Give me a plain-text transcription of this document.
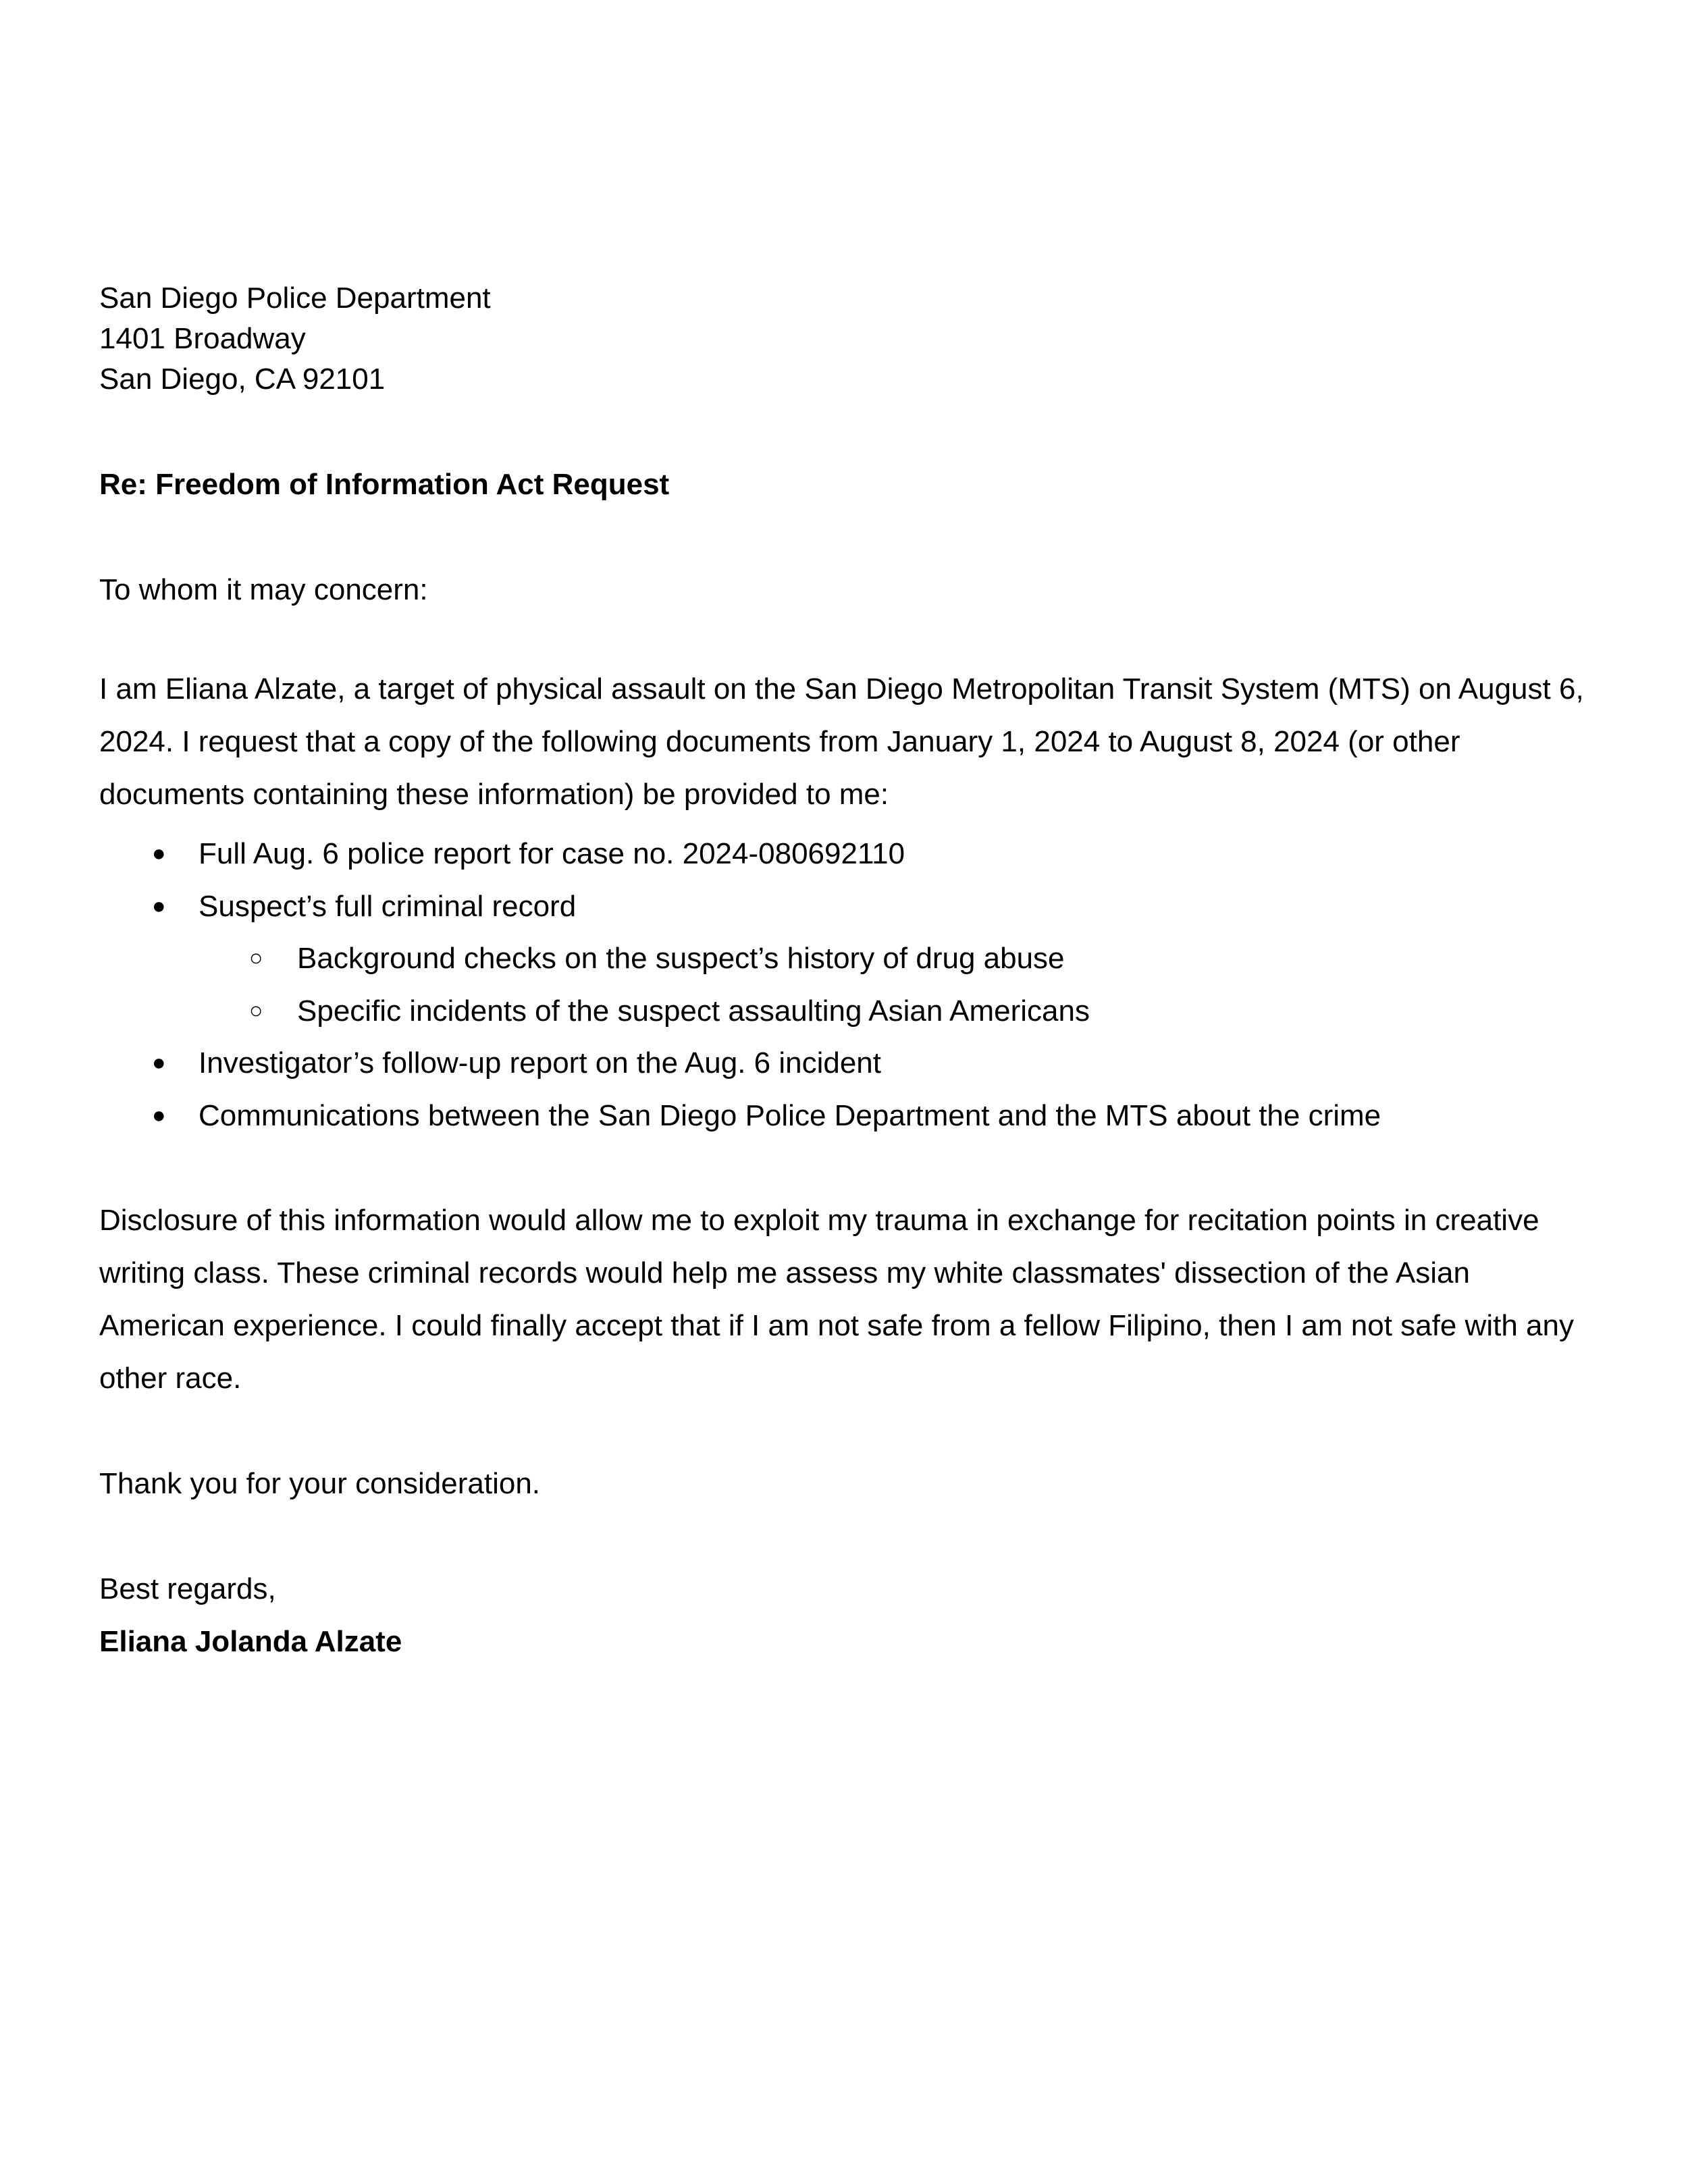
San Diego Police Department
1401 Broadway
San Diego, CA 92101
Re: Freedom of Information Act Request
To whom it may concern:

I am Eliana Alzate, a target of physical assault on the San Diego Metropolitan Transit System (MTS) on August 6, 2024. I request that a copy of the following documents from January 1, 2024 to August 8, 2024 (or other documents containing these information) be provided to me:

● Full Aug. 6 police report for case no. 2024-080692110
● Suspect’s full criminal record
○ Background checks on the suspect’s history of drug abuse
○ Specific incidents of the suspect assaulting Asian Americans
● Investigator’s follow-up report on the Aug. 6 incident
● Communications between the San Diego Police Department and the MTS about the crime

Disclosure of this information would allow me to exploit my trauma in exchange for recitation points in creative writing class. These criminal records would help me assess my white classmates' dissection of the Asian American experience. I could finally accept that if I am not safe from a fellow Filipino, then I am not safe with any other race.

Thank you for your consideration.
Best regards,
Eliana Jolanda Alzate
